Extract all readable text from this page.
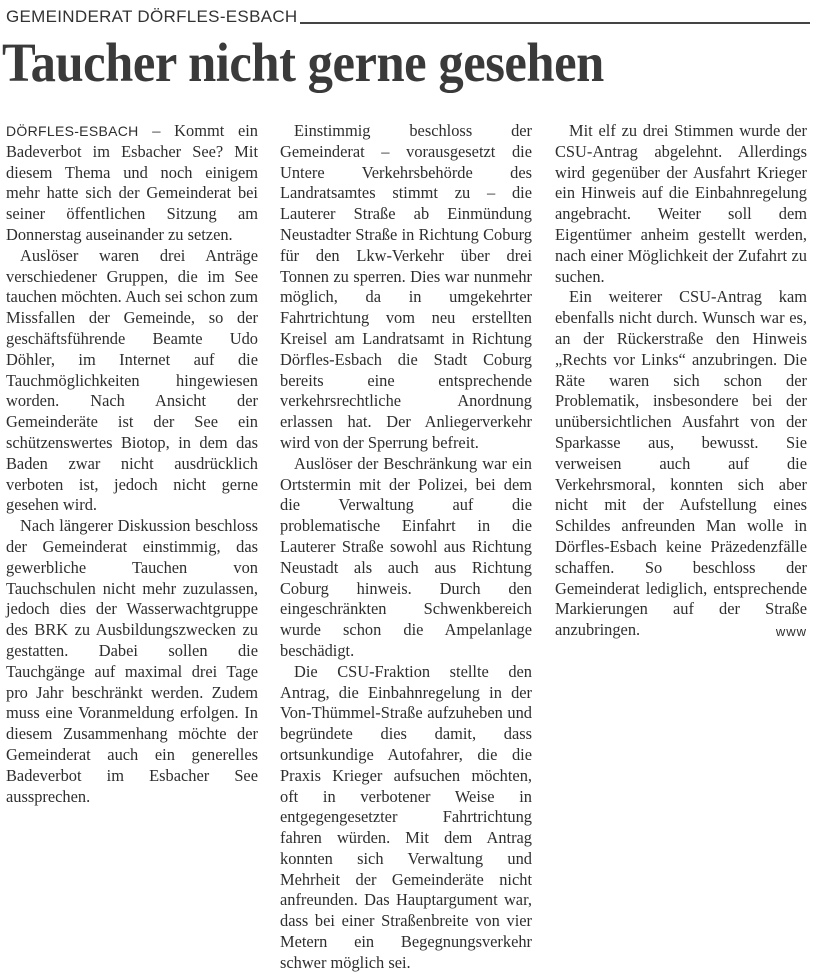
GEMEINDERAT DÖRFLES-ESBACH
Taucher nicht gerne gesehen

DÖRFLES-ESBACH – Kommt ein Badeverbot im Esbacher See? Mit diesem Thema und noch einigem mehr hatte sich der Gemeinderat bei seiner öffentlichen Sitzung am Donnerstag auseinander zu setzen.

Auslöser waren drei Anträge verschiedener Gruppen, die im See tauchen möchten. Auch sei schon zum Missfallen der Gemeinde, so der geschäftsführende Beamte Udo Döhler, im Internet auf die Tauchmöglichkeiten hingewiesen worden. Nach Ansicht der Gemeinderäte ist der See ein schützenswertes Biotop, in dem das Baden zwar nicht ausdrücklich verboten ist, jedoch nicht gerne gesehen wird.

Nach längerer Diskussion beschloss der Gemeinderat einstimmig, das gewerbliche Tauchen von Tauchschulen nicht mehr zuzulassen, jedoch dies der Wasserwachtgruppe des BRK zu Ausbildungszwecken zu gestatten. Dabei sollen die Tauchgänge auf maximal drei Tage pro Jahr beschränkt werden. Zudem muss eine Voranmeldung erfolgen. In diesem Zusammenhang möchte der Gemeinderat auch ein generelles Badeverbot im Esbacher See aussprechen.

Einstimmig beschloss der Gemeinderat – vorausgesetzt die Untere Verkehrsbehörde des Landratsamtes stimmt zu – die Lauterer Straße ab Einmündung Neustadter Straße in Richtung Coburg für den Lkw-Verkehr über drei Tonnen zu sperren. Dies war nunmehr möglich, da in umgekehrter Fahrtrichtung vom neu erstellten Kreisel am Landratsamt in Richtung Dörfles-Esbach die Stadt Coburg bereits eine entsprechende verkehrsrechtliche Anordnung erlassen hat. Der Anliegerverkehr wird von der Sperrung befreit.

Auslöser der Beschränkung war ein Ortstermin mit der Polizei, bei dem die Verwaltung auf die problematische Einfahrt in die Lauterer Straße sowohl aus Richtung Neustadt als auch aus Richtung Coburg hinweis. Durch den eingeschränkten Schwenkbereich wurde schon die Ampelanlage beschädigt.

Die CSU-Fraktion stellte den Antrag, die Einbahnregelung in der Von-Thümmel-Straße aufzuheben und begründete dies damit, dass ortsunkundige Autofahrer, die die Praxis Krieger aufsuchen möchten, oft in verbotener Weise in entgegengesetzter Fahrtrichtung fahren würden. Mit dem Antrag konnten sich Verwaltung und Mehrheit der Gemeinderäte nicht anfreunden. Das Hauptargument war, dass bei einer Straßenbreite von vier Metern ein Begegnungsverkehr schwer möglich sei.

Mit elf zu drei Stimmen wurde der CSU-Antrag abgelehnt. Allerdings wird gegenüber der Ausfahrt Krieger ein Hinweis auf die Einbahnregelung angebracht. Weiter soll dem Eigentümer anheim gestellt werden, nach einer Möglichkeit der Zufahrt zu suchen.

Ein weiterer CSU-Antrag kam ebenfalls nicht durch. Wunsch war es, an der Rückerstraße den Hinweis „Rechts vor Links“ anzubringen. Die Räte waren sich schon der Problematik, insbesondere bei der unübersichtlichen Ausfahrt von der Sparkasse aus, bewusst. Sie verweisen auch auf die Verkehrsmoral, konnten sich aber nicht mit der Aufstellung eines Schildes anfreunden Man wolle in Dörfles-Esbach keine Präzedenzfälle schaffen. So beschloss der Gemeinderat lediglich, entsprechende Markierungen auf der Straße anzubringen.	www
